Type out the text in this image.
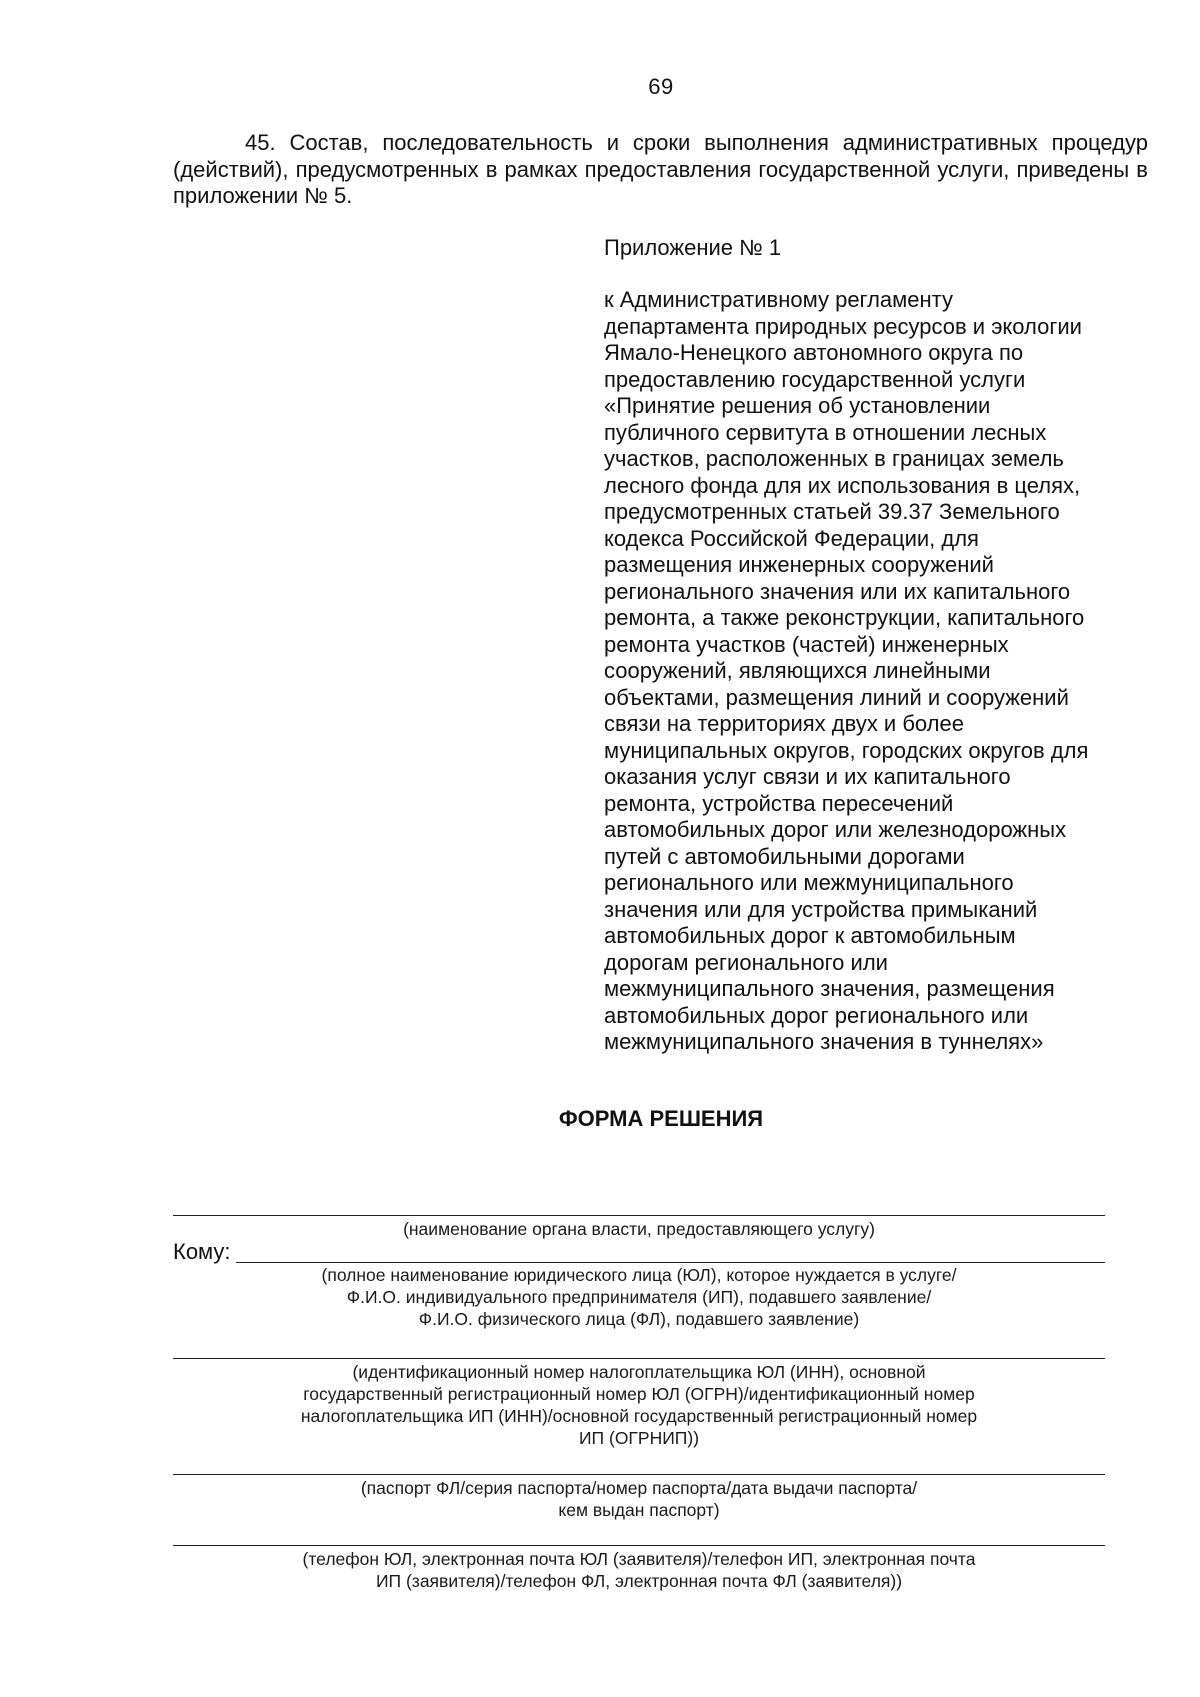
69
45. Состав, последовательность и сроки выполнения административных процедур (действий), предусмотренных в рамках предоставления государственной услуги, приведены в приложении № 5.
Приложение № 1
к Административному регламенту
департамента природных ресурсов и экологии
Ямало-Ненецкого автономного округа по
предоставлению государственной услуги
«Принятие решения об установлении
публичного сервитута в отношении лесных
участков, расположенных в границах земель
лесного фонда для их использования в целях,
предусмотренных статьей 39.37 Земельного
кодекса Российской Федерации, для
размещения инженерных сооружений
регионального значения или их капитального
ремонта, а также реконструкции, капитального
ремонта участков (частей) инженерных
сооружений, являющихся линейными
объектами, размещения линий и сооружений
связи на территориях двух и более
муниципальных округов, городских округов для
оказания услуг связи и их капитального
ремонта, устройства пересечений
автомобильных дорог или железнодорожных
путей с автомобильными дорогами
регионального или межмуниципального
значения или для устройства примыканий
автомобильных дорог к автомобильным
дорогам регионального или
межмуниципального значения, размещения
автомобильных дорог регионального или
межмуниципального значения в туннелях»
ФОРМА РЕШЕНИЯ
(наименование органа власти, предоставляющего услугу)
Кому:
(полное наименование юридического лица (ЮЛ), которое нуждается в услуге/
Ф.И.О. индивидуального предпринимателя (ИП), подавшего заявление/
Ф.И.О. физического лица (ФЛ), подавшего заявление)
(идентификационный номер налогоплательщика ЮЛ (ИНН), основной
государственный регистрационный номер ЮЛ (ОГРН)/идентификационный номер
налогоплательщика ИП (ИНН)/основной государственный регистрационный номер
ИП (ОГРНИП))
(паспорт ФЛ/серия паспорта/номер паспорта/дата выдачи паспорта/
кем выдан паспорт)
(телефон ЮЛ, электронная почта ЮЛ (заявителя)/телефон ИП, электронная почта
ИП (заявителя)/телефон ФЛ, электронная почта ФЛ (заявителя))
